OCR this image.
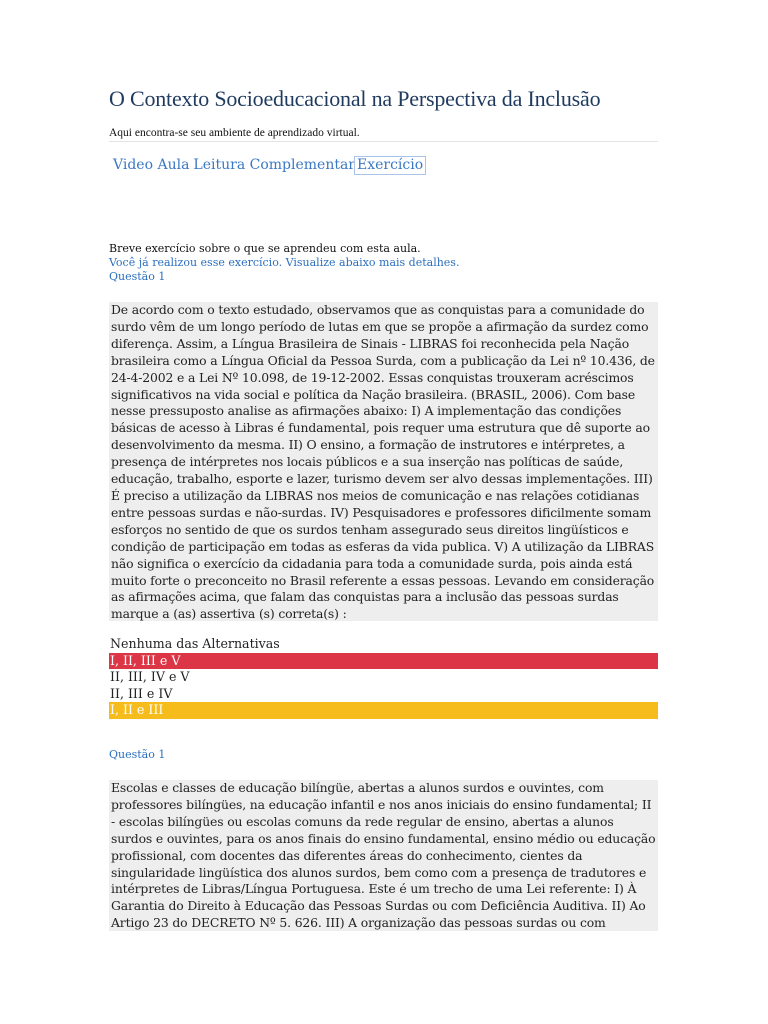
O Contexto Socioeducacional na Perspectiva da Inclusão
Aqui encontra-se seu ambiente de aprendizado virtual.
Video Aula Leitura Complementar Exercício
Breve exercício sobre o que se aprendeu com esta aula.
Você já realizou esse exercício. Visualize abaixo mais detalhes.
Questão 1
De acordo com o texto estudado, observamos que as conquistas para a comunidade do surdo vêm de um longo período de lutas em que se propõe a afirmação da surdez como diferença. Assim, a Língua Brasileira de Sinais - LIBRAS foi reconhecida pela Nação brasileira como a Língua Oficial da Pessoa Surda, com a publicação da Lei nº 10.436, de 24-4-2002 e a Lei Nº 10.098, de 19-12-2002. Essas conquistas trouxeram acréscimos significativos na vida social e política da Nação brasileira. (BRASIL, 2006). Com base nesse pressuposto analise as afirmações abaixo: I) A implementação das condições básicas de acesso à Libras é fundamental, pois requer uma estrutura que dê suporte ao desenvolvimento da mesma. II) O ensino, a formação de instrutores e intérpretes, a presença de intérpretes nos locais públicos e a sua inserção nas políticas de saúde, educação, trabalho, esporte e lazer, turismo devem ser alvo dessas implementações. III) É preciso a utilização da LIBRAS nos meios de comunicação e nas relações cotidianas entre pessoas surdas e não-surdas. IV) Pesquisadores e professores dificilmente somam esforços no sentido de que os surdos tenham assegurado seus direitos lingüísticos e condição de participação em todas as esferas da vida publica. V) A utilização da LIBRAS não significa o exercício da cidadania para toda a comunidade surda, pois ainda está muito forte o preconceito no Brasil referente a essas pessoas. Levando em consideração as afirmações acima, que falam das conquistas para a inclusão das pessoas surdas marque a (as) assertiva (s) correta(s) :
Nenhuma das Alternativas
I, II, III e V
II, III, IV e V
II, III e IV
I, II e III
Questão 1
Escolas e classes de educação bilíngüe, abertas a alunos surdos e ouvintes, com professores bilíngües, na educação infantil e nos anos iniciais do ensino fundamental; II - escolas bilíngües ou escolas comuns da rede regular de ensino, abertas a alunos surdos e ouvintes, para os anos finais do ensino fundamental, ensino médio ou educação profissional, com docentes das diferentes áreas do conhecimento, cientes da singularidade lingüística dos alunos surdos, bem como com a presença de tradutores e intérpretes de Libras/Língua Portuguesa. Este é um trecho de uma Lei referente: I) À Garantia do Direito à Educação das Pessoas Surdas ou com Deficiência Auditiva. II) Ao Artigo 23 do DECRETO Nº 5. 626. III) A organização das pessoas surdas ou com
